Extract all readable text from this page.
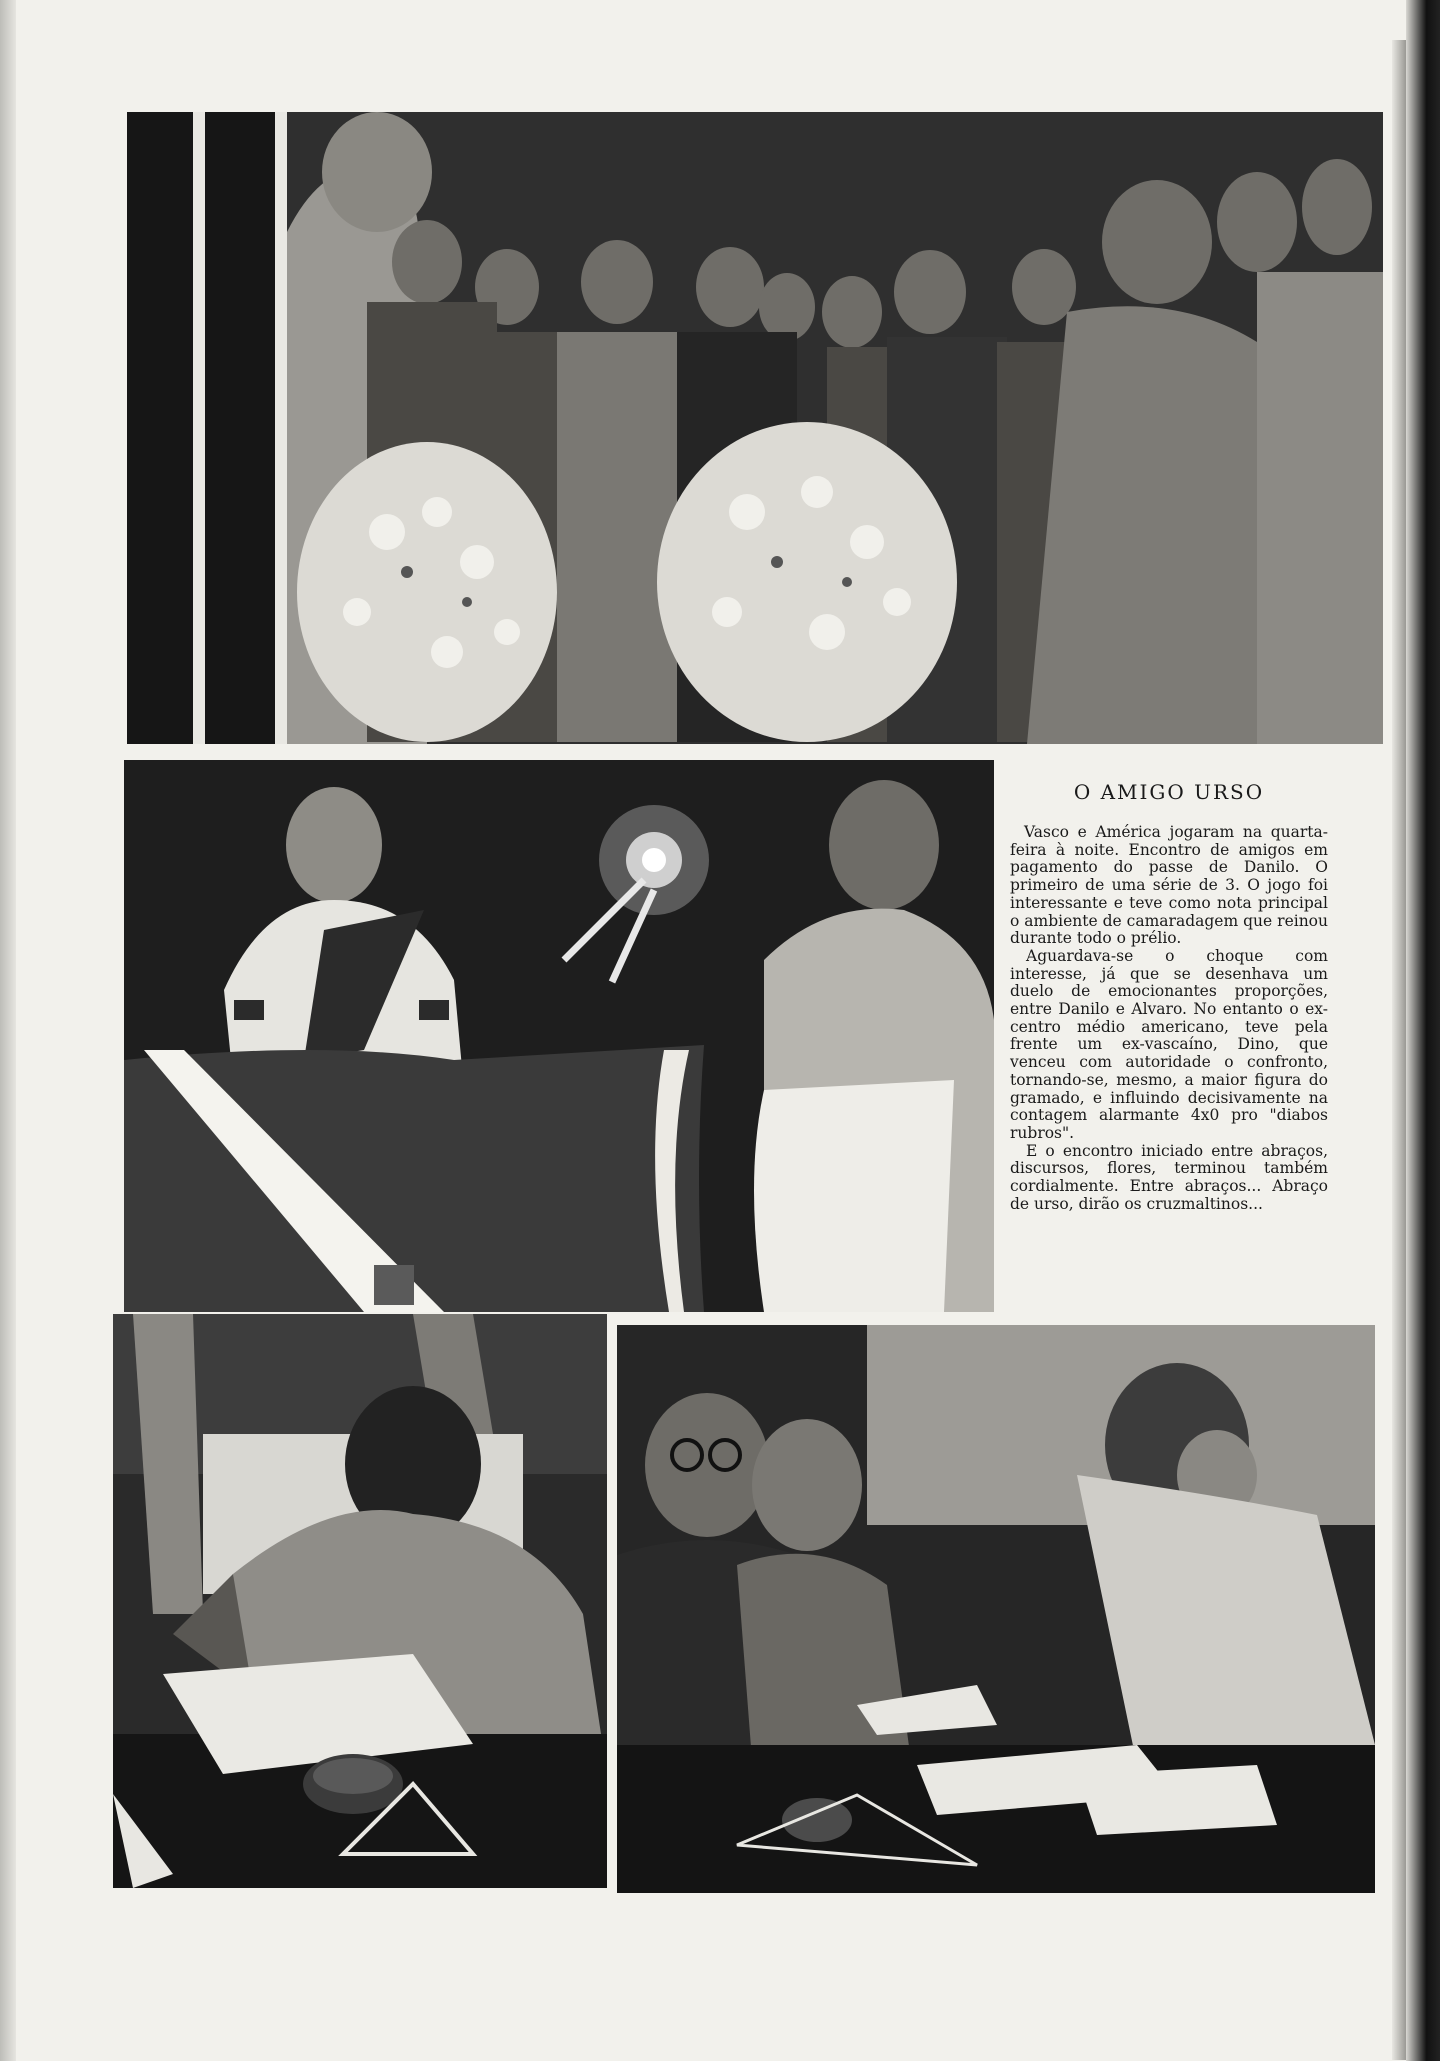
O AMIGO URSO

Vasco e América jogaram na quarta-feira à noite. Encontro de amigos em pagamento do passe de Danilo. O primeiro de uma série de 3. O jogo foi interessante e teve como nota principal o ambiente de camaradagem que reinou durante todo o prélio.

Aguardava-se o choque com interesse, já que se desenhava um duelo de emocionantes proporções, entre Danilo e Alvaro. No entanto o ex-centro médio americano, teve pela frente um ex-vascaíno, Dino, que venceu com autoridade o confronto, tornando-se, mesmo, a maior figura do gramado, e influindo decisivamente na contagem alarmante 4x0 pro "diabos rubros".

E o encontro iniciado entre abraços, discursos, flores, terminou também cordialmente. Entre abraços... Abraço de urso, dirão os cruzmaltinos...
